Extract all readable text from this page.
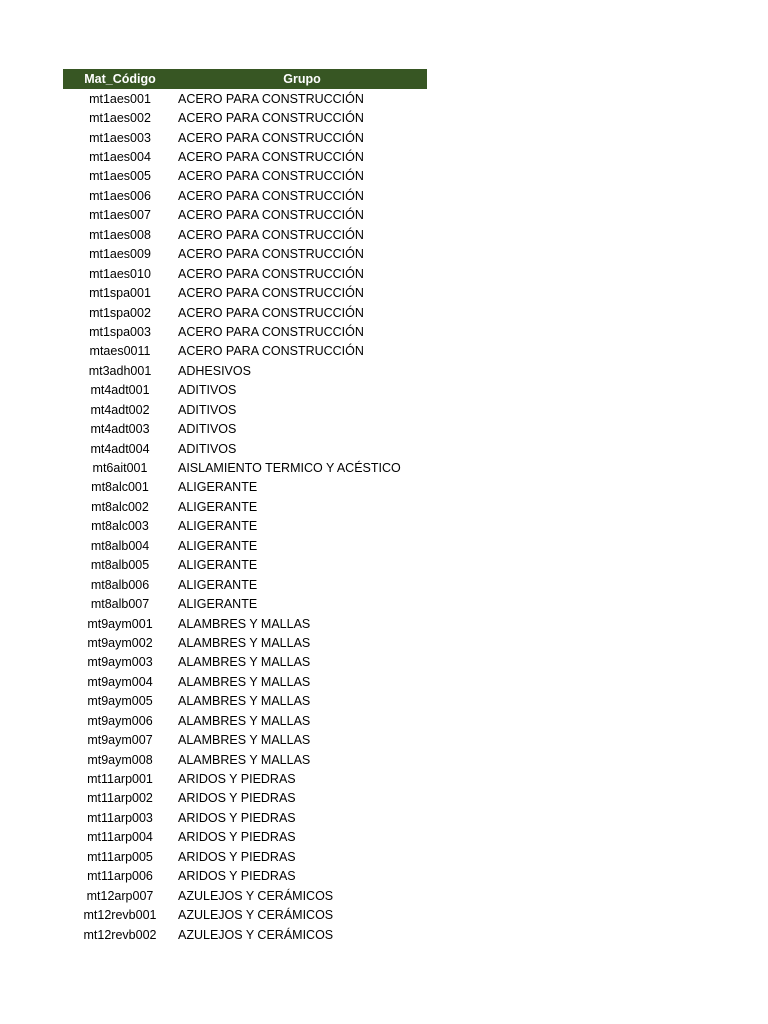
Mat_Código	Grupo
mt1aes001	ACERO PARA CONSTRUCCIÓN
mt1aes002	ACERO PARA CONSTRUCCIÓN
mt1aes003	ACERO PARA CONSTRUCCIÓN
mt1aes004	ACERO PARA CONSTRUCCIÓN
mt1aes005	ACERO PARA CONSTRUCCIÓN
mt1aes006	ACERO PARA CONSTRUCCIÓN
mt1aes007	ACERO PARA CONSTRUCCIÓN
mt1aes008	ACERO PARA CONSTRUCCIÓN
mt1aes009	ACERO PARA CONSTRUCCIÓN
mt1aes010	ACERO PARA CONSTRUCCIÓN
mt1spa001	ACERO PARA CONSTRUCCIÓN
mt1spa002	ACERO PARA CONSTRUCCIÓN
mt1spa003	ACERO PARA CONSTRUCCIÓN
mtaes0011	ACERO PARA CONSTRUCCIÓN
mt3adh001	ADHESIVOS
mt4adt001	ADITIVOS
mt4adt002	ADITIVOS
mt4adt003	ADITIVOS
mt4adt004	ADITIVOS
mt6ait001	AISLAMIENTO TERMICO Y ACÉSTICO
mt8alc001	ALIGERANTE
mt8alc002	ALIGERANTE
mt8alc003	ALIGERANTE
mt8alb004	ALIGERANTE
mt8alb005	ALIGERANTE
mt8alb006	ALIGERANTE
mt8alb007	ALIGERANTE
mt9aym001	ALAMBRES Y MALLAS
mt9aym002	ALAMBRES Y MALLAS
mt9aym003	ALAMBRES Y MALLAS
mt9aym004	ALAMBRES Y MALLAS
mt9aym005	ALAMBRES Y MALLAS
mt9aym006	ALAMBRES Y MALLAS
mt9aym007	ALAMBRES Y MALLAS
mt9aym008	ALAMBRES Y MALLAS
mt11arp001	ARIDOS Y PIEDRAS
mt11arp002	ARIDOS Y PIEDRAS
mt11arp003	ARIDOS Y PIEDRAS
mt11arp004	ARIDOS Y PIEDRAS
mt11arp005	ARIDOS Y PIEDRAS
mt11arp006	ARIDOS Y PIEDRAS
mt12arp007	AZULEJOS Y CERÁMICOS
mt12revb001	AZULEJOS Y CERÁMICOS
mt12revb002	AZULEJOS Y CERÁMICOS
